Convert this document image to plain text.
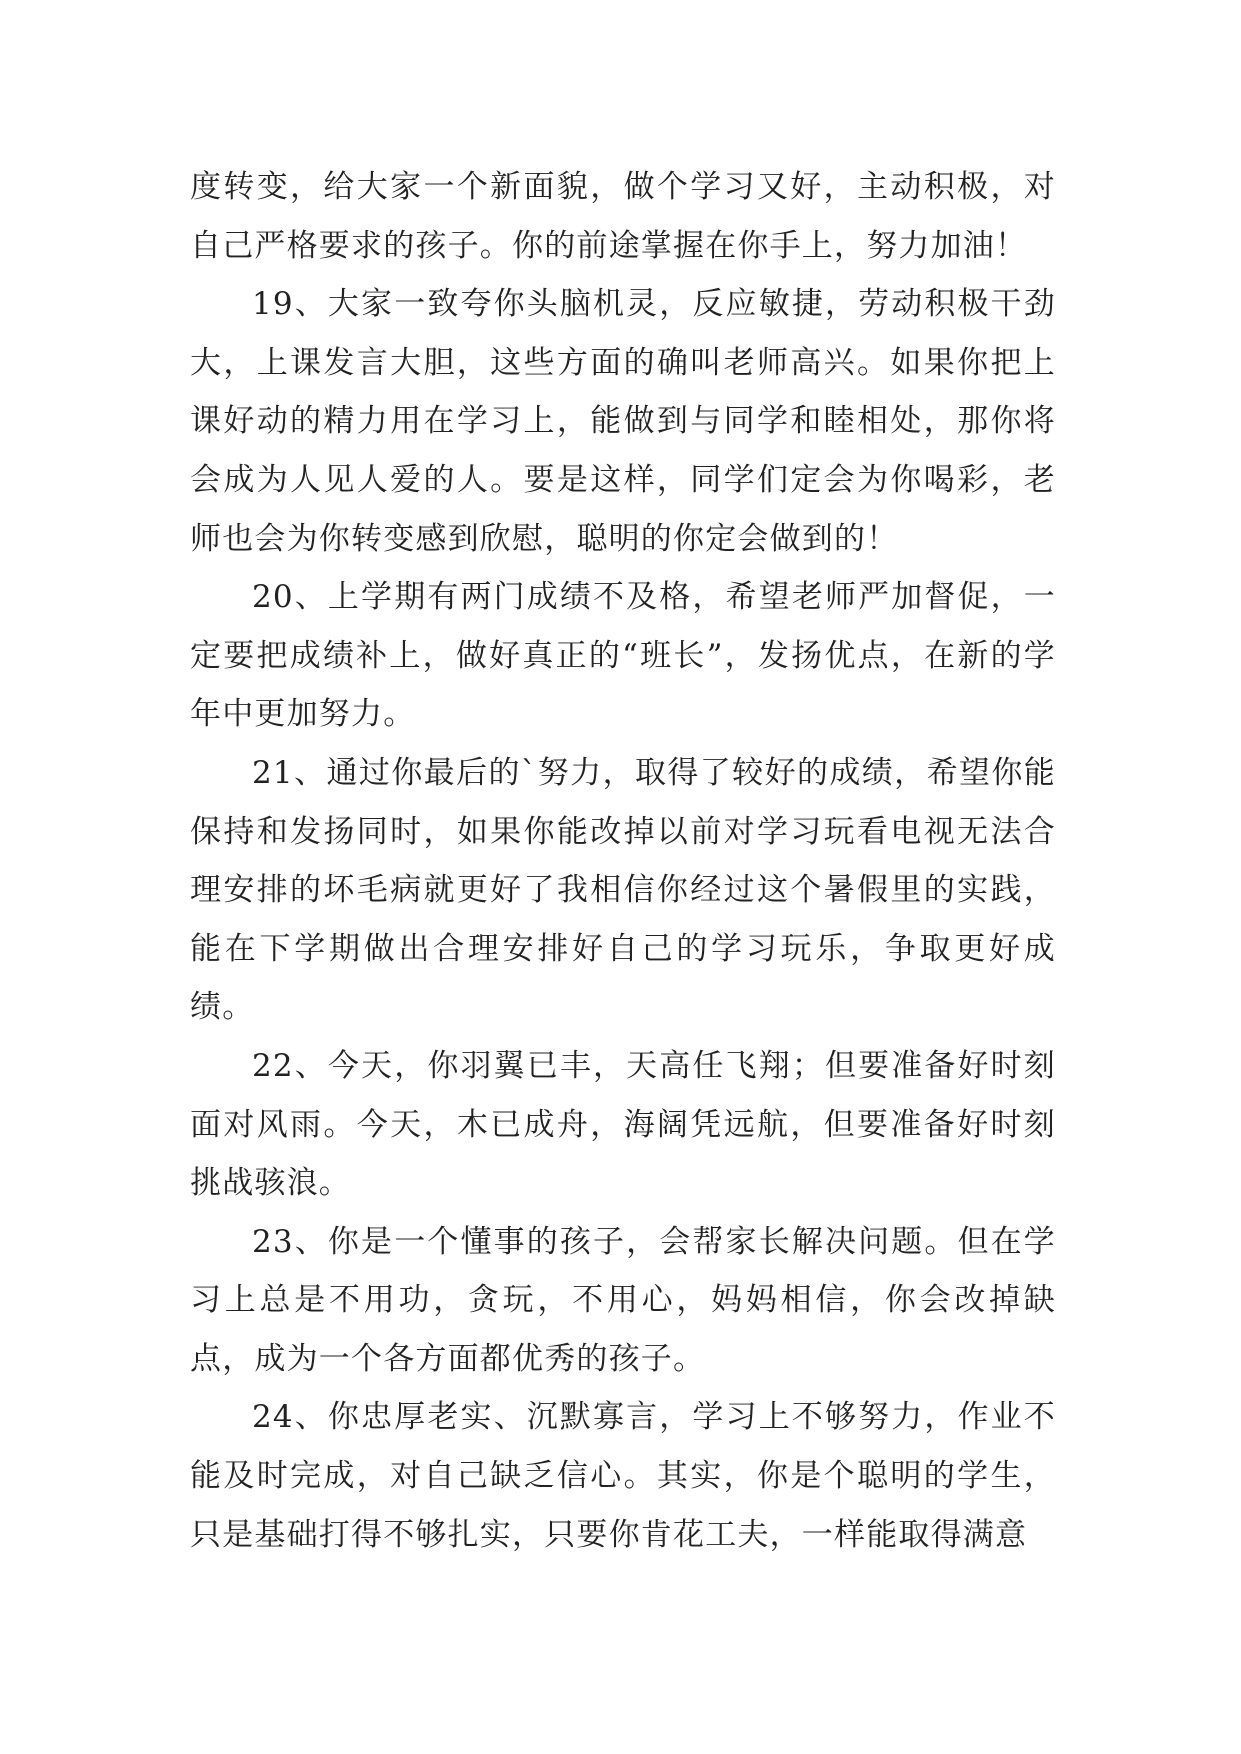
度转变，给大家一个新面貌，做个学习又好，主动积极，对自己严格要求的孩子。你的前途掌握在你手上，努力加油！

19、大家一致夸你头脑机灵，反应敏捷，劳动积极干劲大，上课发言大胆，这些方面的确叫老师高兴。如果你把上课好动的精力用在学习上，能做到与同学和睦相处，那你将会成为人见人爱的人。要是这样，同学们定会为你喝彩，老师也会为你转变感到欣慰，聪明的你定会做到的！

20、上学期有两门成绩不及格，希望老师严加督促，一定要把成绩补上，做好真正的“班长”，发扬优点，在新的学年中更加努力。

21、通过你最后的`努力，取得了较好的成绩，希望你能保持和发扬同时，如果你能改掉以前对学习玩看电视无法合理安排的坏毛病就更好了我相信你经过这个暑假里的实践，能在下学期做出合理安排好自己的学习玩乐，争取更好成绩。

22、今天，你羽翼已丰，天高任飞翔；但要准备好时刻面对风雨。今天，木已成舟，海阔凭远航，但要准备好时刻挑战骇浪。

23、你是一个懂事的孩子，会帮家长解决问题。但在学习上总是不用功，贪玩，不用心，妈妈相信，你会改掉缺点，成为一个各方面都优秀的孩子。

24、你忠厚老实、沉默寡言，学习上不够努力，作业不能及时完成，对自己缺乏信心。其实，你是个聪明的学生，只是基础打得不够扎实，只要你肯花工夫，一样能取得满意
